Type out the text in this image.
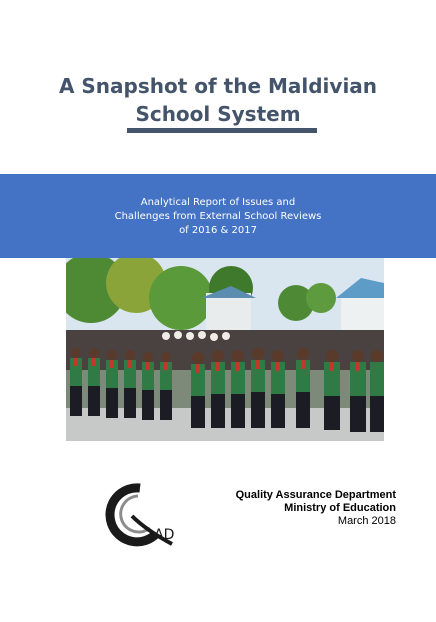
A Snapshot of the Maldivian
School System
Analytical Report of Issues and
Challenges from External School Reviews
of 2016 & 2017
AD
Quality Assurance Department
Ministry of Education
March 2018
